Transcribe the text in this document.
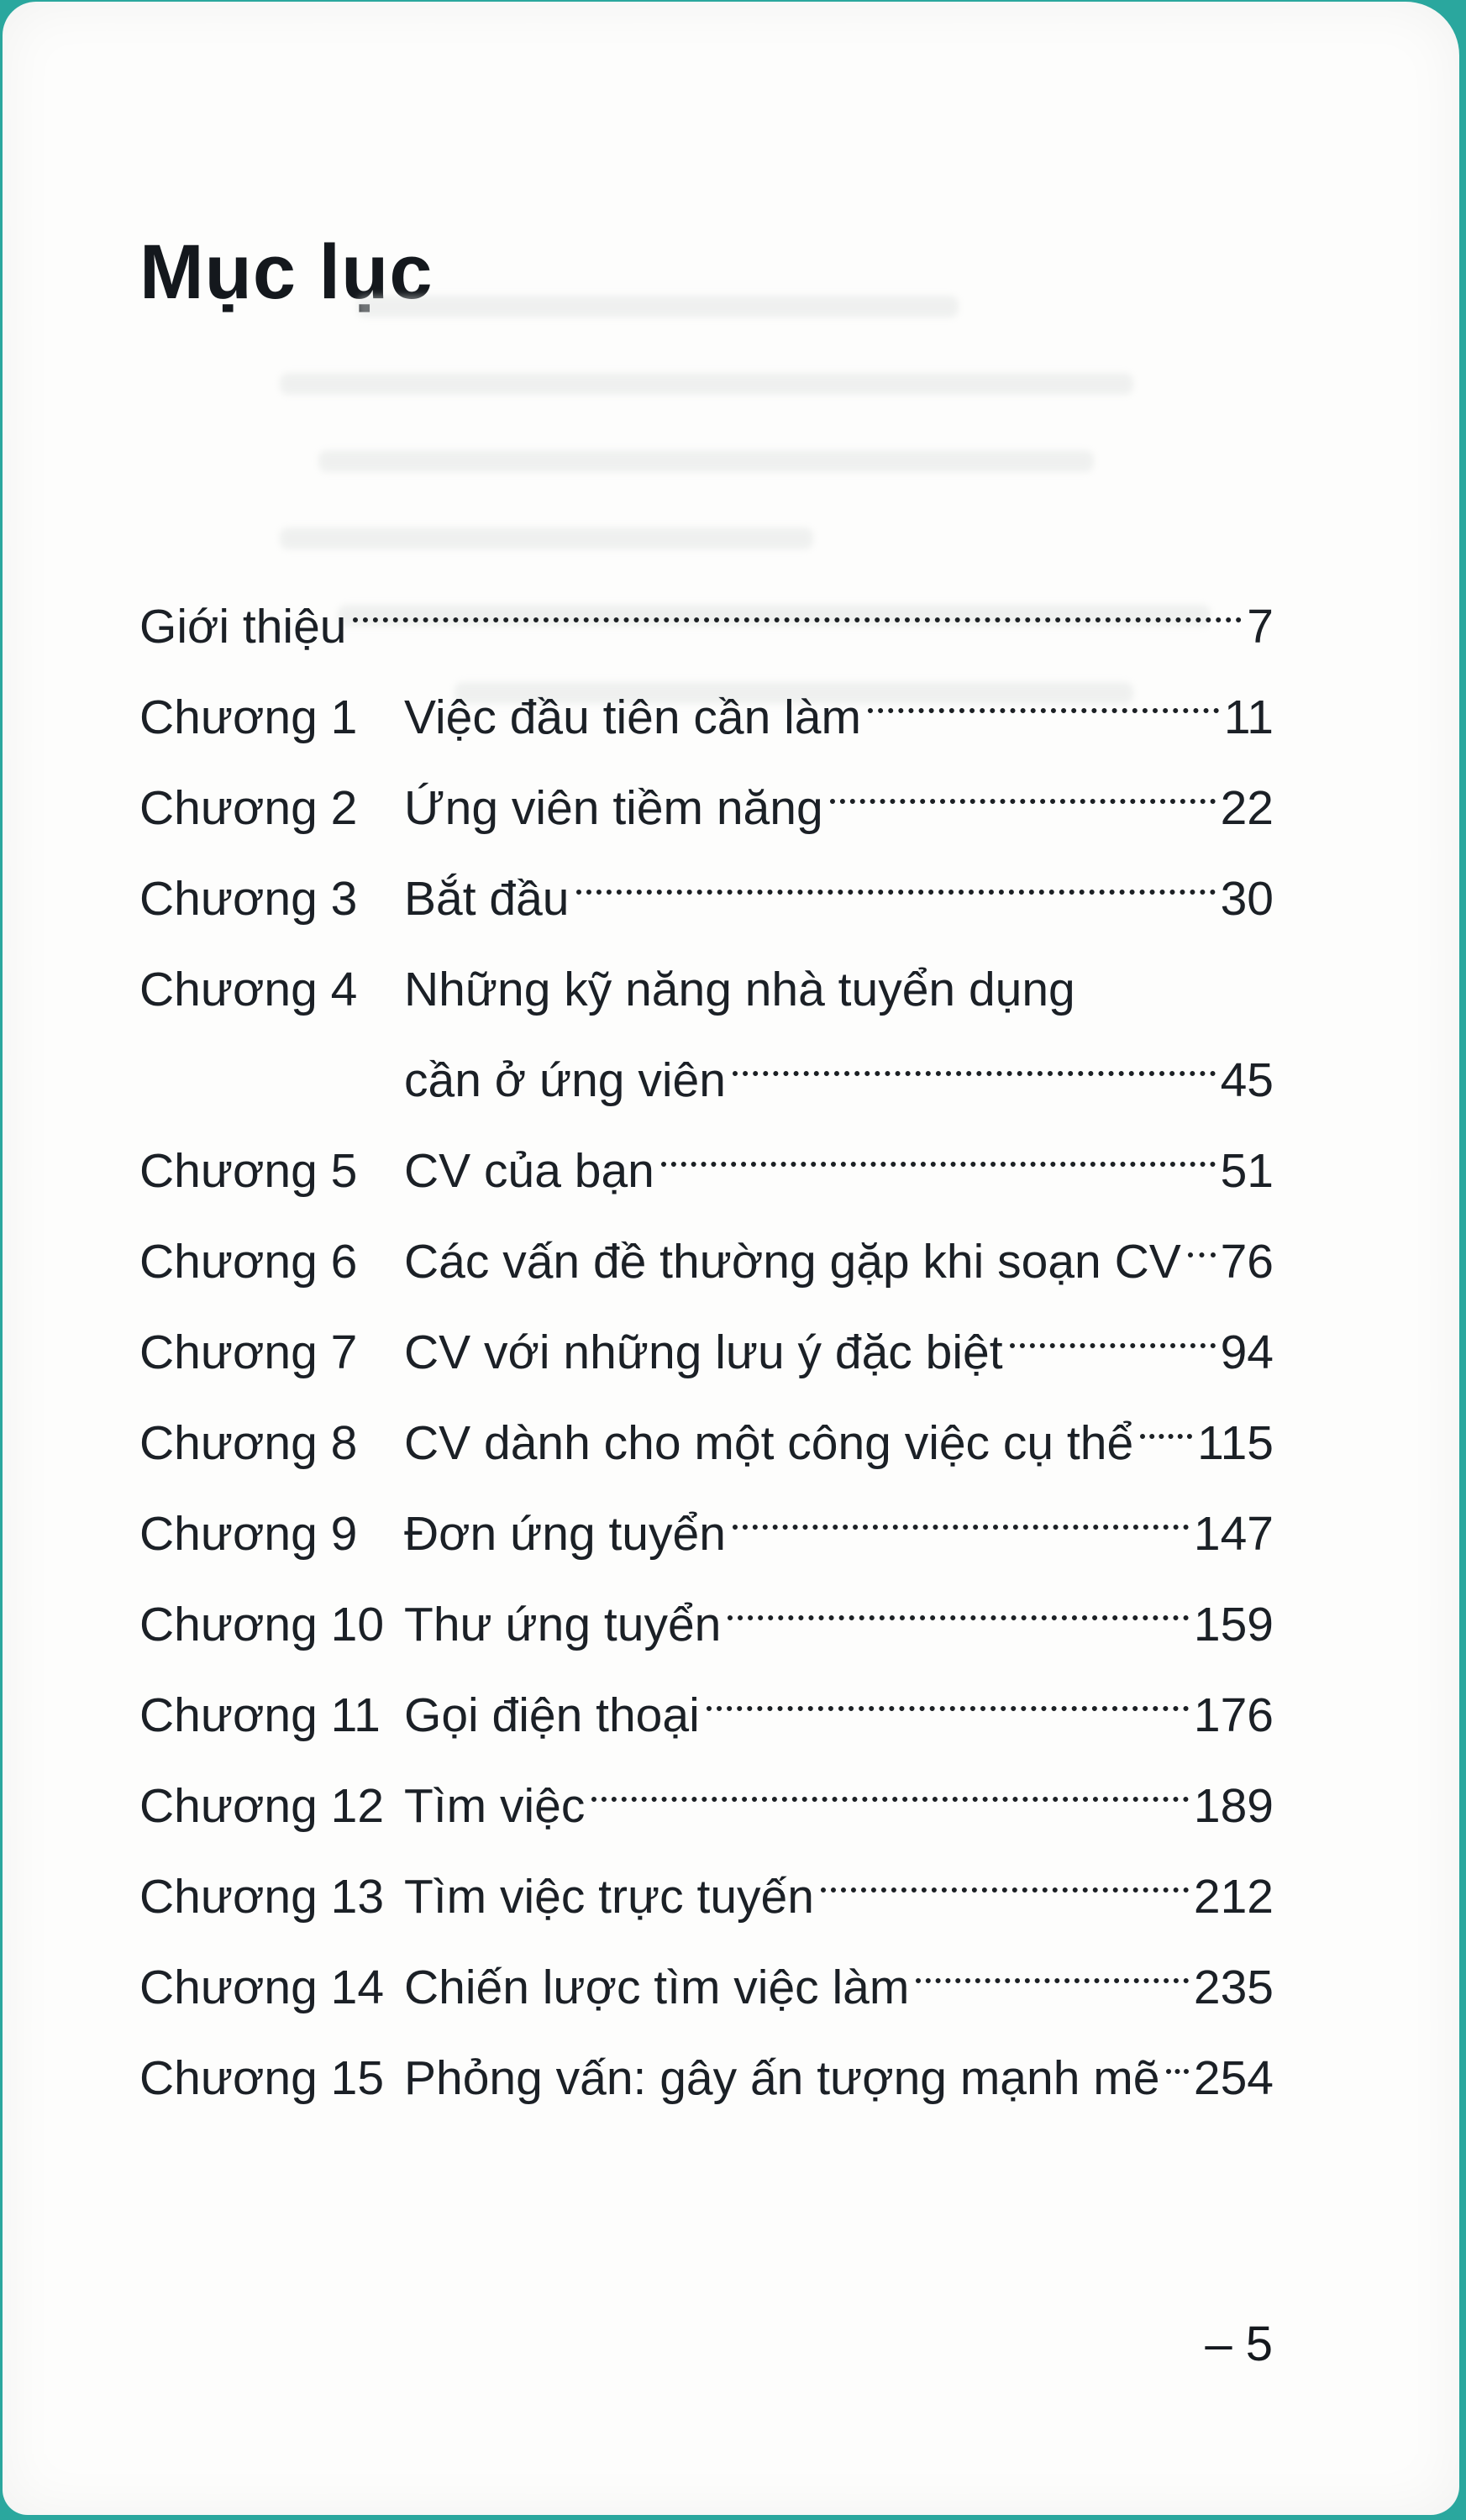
Mục lục
Giới thiệu	7
Chương 1 Việc đầu tiên cần làm	11
Chương 2 Ứng viên tiềm năng	22
Chương 3 Bắt đầu	30
Chương 4 Những kỹ năng nhà tuyển dụng
cần ở ứng viên	45
Chương 5 CV của bạn	51
Chương 6 Các vấn đề thường gặp khi soạn CV 76
Chương 7 CV với những lưu ý đặc biệt	94
Chương 8 CV dành cho một công việc cụ thể 115
Chương 9 Đơn ứng tuyển	147
Chương 10 Thư ứng tuyển	159
Chương 11 Gọi điện thoại	176
Chương 12 Tìm việc	189
Chương 13 Tìm việc trực tuyến	212
Chương 14 Chiến lược tìm việc làm	235
Chương 15 Phỏng vấn: gây ấn tượng mạnh mẽ 254
– 5
